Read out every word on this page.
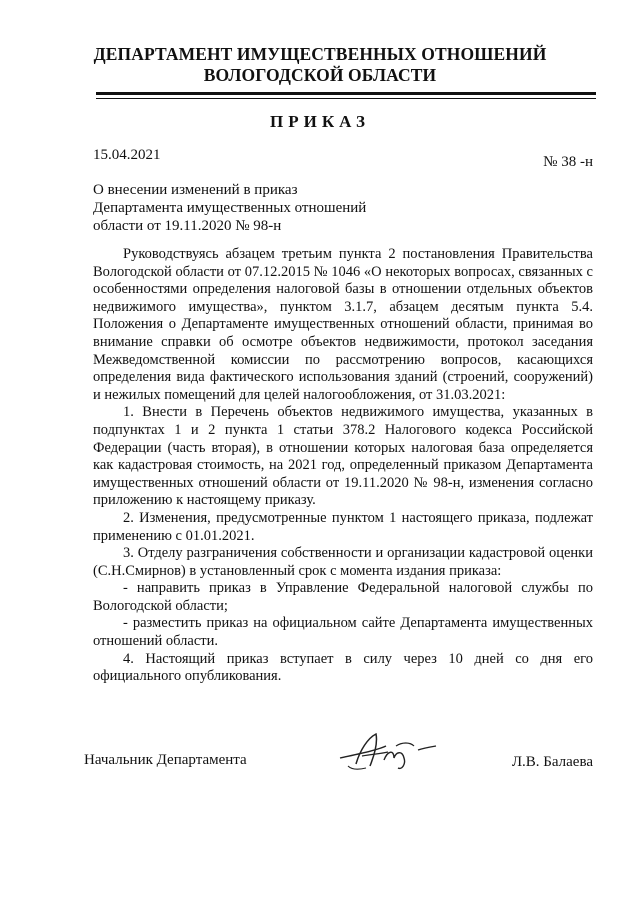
ДЕПАРТАМЕНТ ИМУЩЕСТВЕННЫХ ОТНОШЕНИЙ
ВОЛОГОДСКОЙ ОБЛАСТИ
ПРИКАЗ
15.04.2021	№ 38 -н
О внесении изменений в приказ
Департамента имущественных отношений
области от 19.11.2020 № 98-н

Руководствуясь абзацем третьим пункта 2 постановления Правительства Вологодской области от 07.12.2015 № 1046 «О некоторых вопросах, связанных с особенностями определения налоговой базы в отношении отдельных объектов недвижимого имущества», пунктом 3.1.7, абзацем десятым пункта 5.4. Положения о Департаменте имущественных отношений области, принимая во внимание справки об осмотре объектов недвижимости, протокол заседания Межведомственной комиссии по рассмотрению вопросов, касающихся определения вида фактического использования зданий (строений, сооружений) и нежилых помещений для целей налогообложения, от 31.03.2021:

1. Внести в Перечень объектов недвижимого имущества, указанных в подпунктах 1 и 2 пункта 1 статьи 378.2 Налогового кодекса Российской Федерации (часть вторая), в отношении которых налоговая база определяется как кадастровая стоимость, на 2021 год, определенный приказом Департамента имущественных отношений области от 19.11.2020 № 98-н, изменения согласно приложению к настоящему приказу.

2. Изменения, предусмотренные пунктом 1 настоящего приказа, подлежат применению с 01.01.2021.

3. Отделу разграничения собственности и организации кадастровой оценки (С.Н.Смирнов) в установленный срок с момента издания приказа:

- направить приказ в Управление Федеральной налоговой службы по Вологодской области;

- разместить приказ на официальном сайте Департамента имущественных отношений области.

4. Настоящий приказ вступает в силу через 10 дней со дня его официального опубликования.

Начальник Департамента	Л.В. Балаева
